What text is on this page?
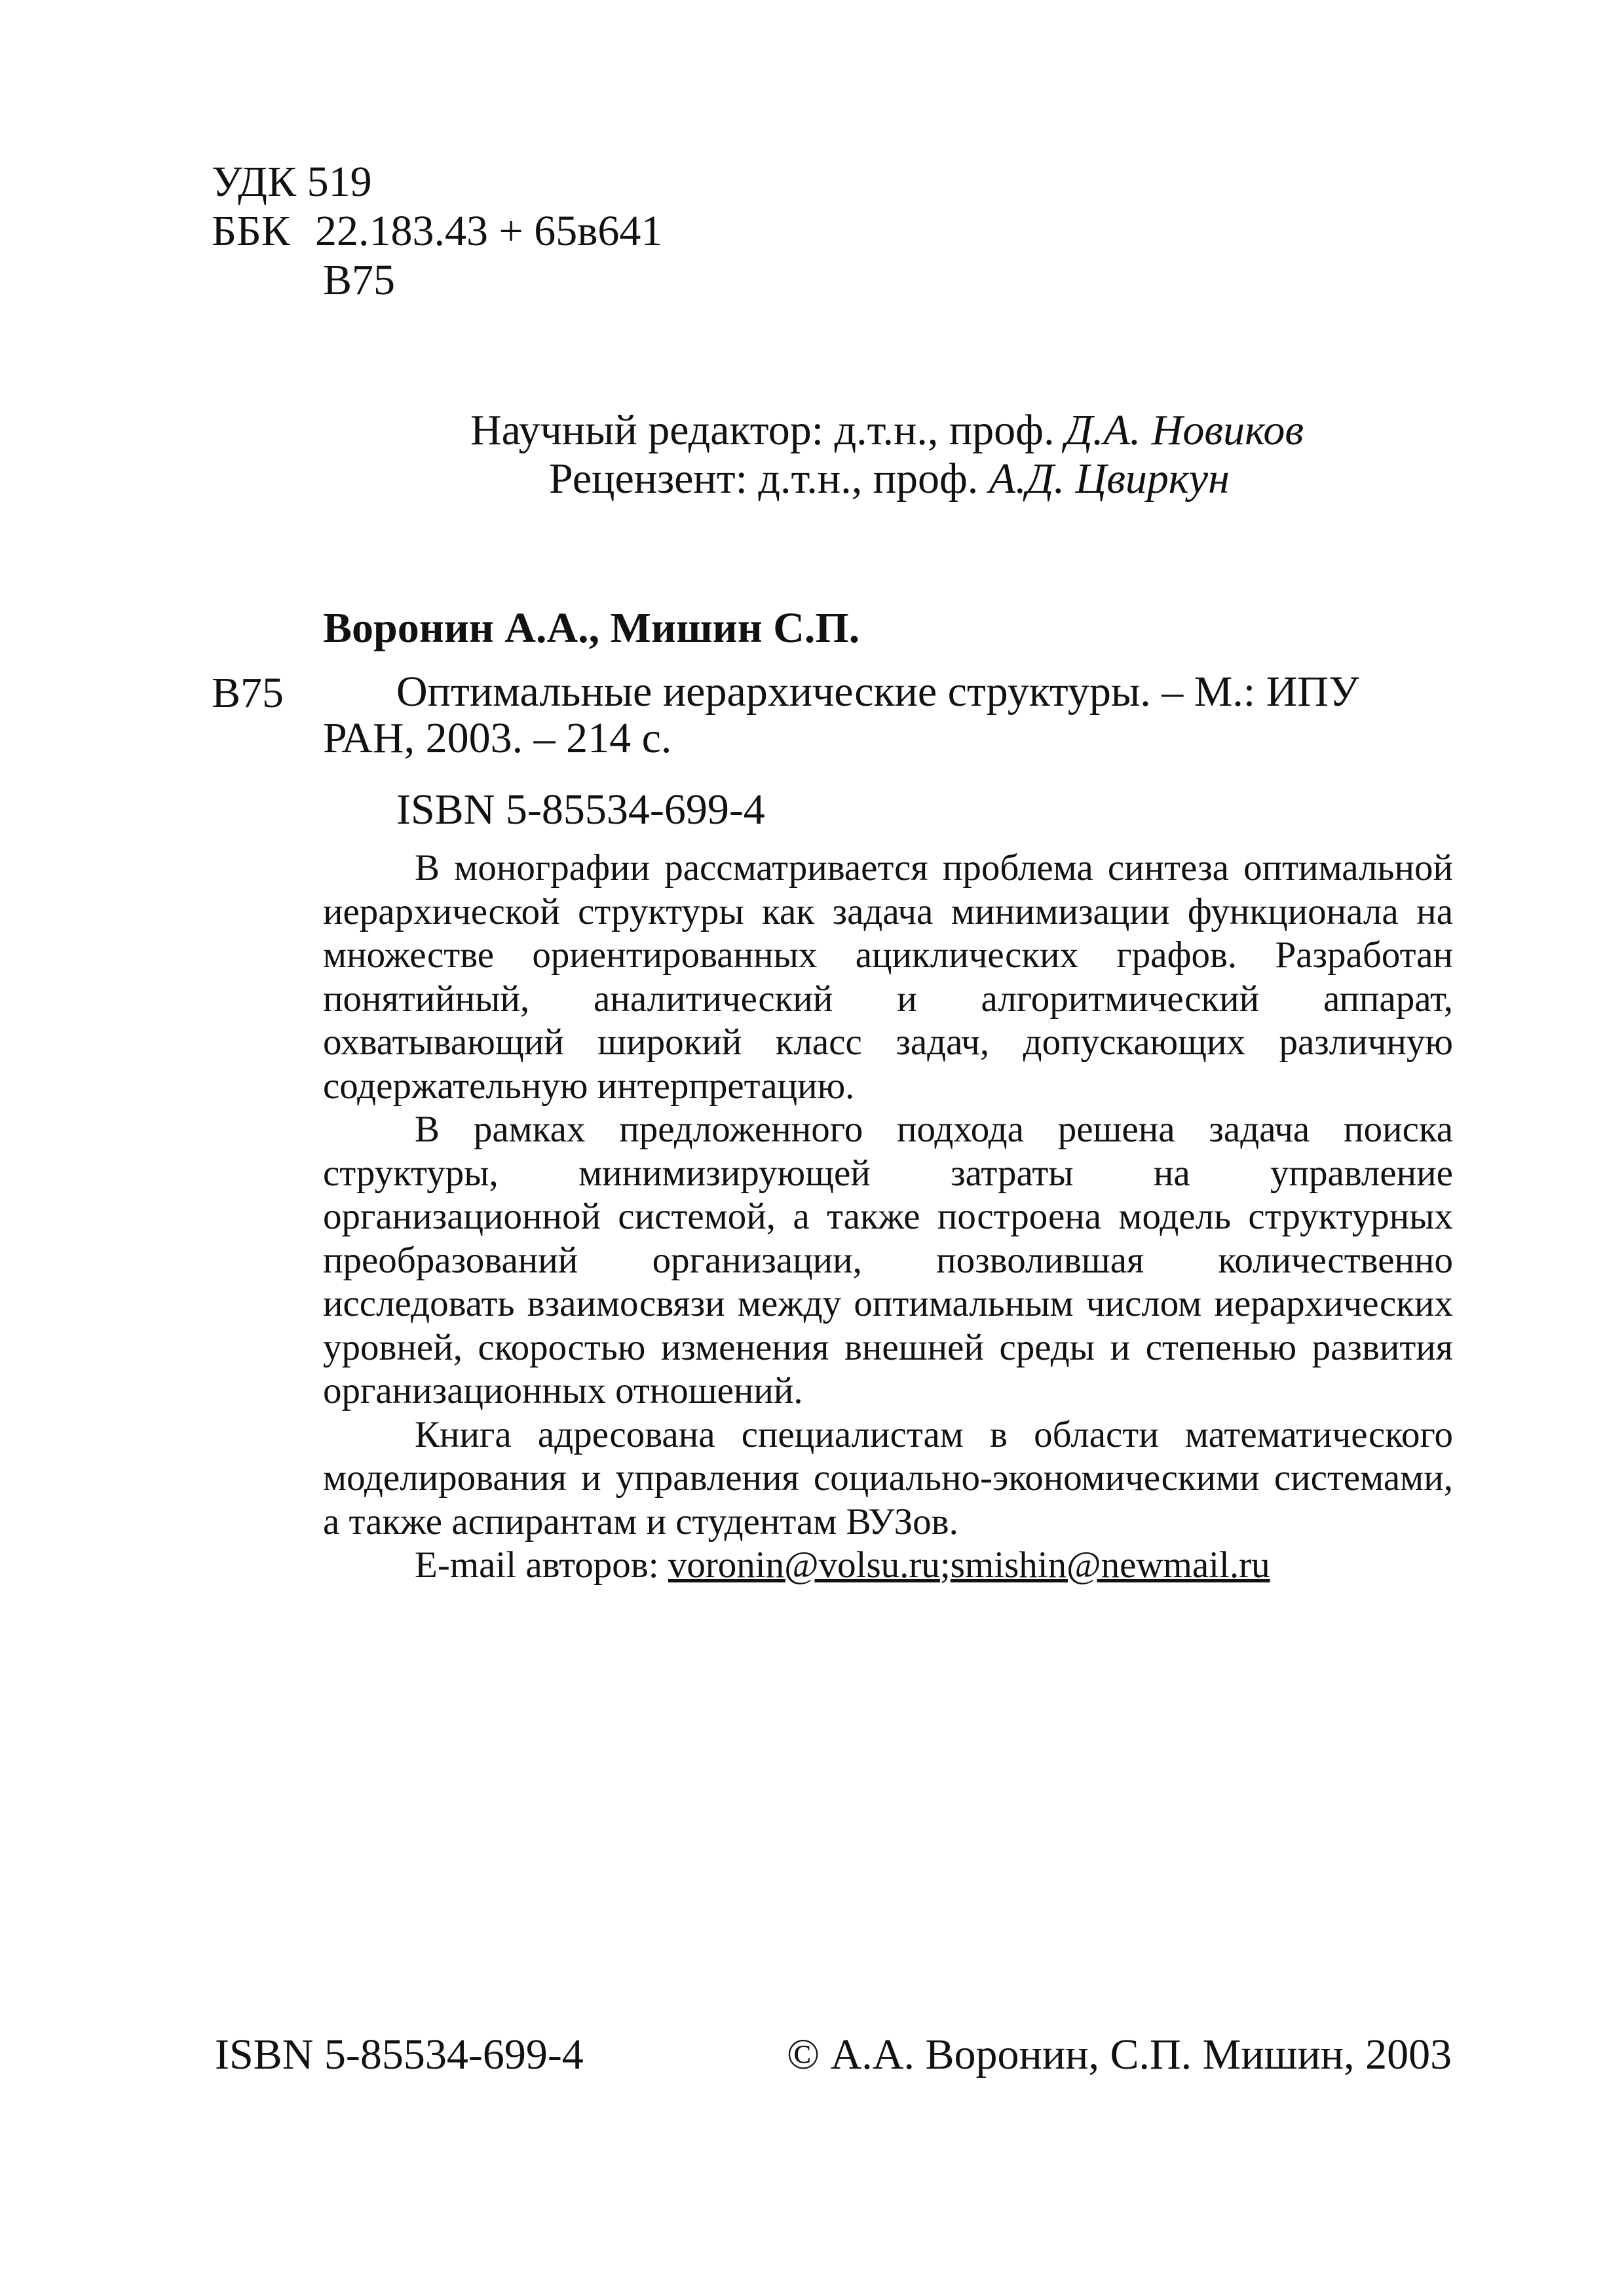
УДК 519
ББК 22.183.43 + 65в641
В75
Научный редактор: д.т.н., проф. Д.А. Новиков
Рецензент: д.т.н., проф. А.Д. Цвиркун
Воронин А.А., Мишин С.П.
В75	Оптимальные иерархические структуры. – М.: ИПУ
РАН, 2003. – 214 с.
ISBN 5-85534-699-4

В монографии рассматривается проблема синтеза оптимальной иерархической структуры как задача минимизации функционала на множестве ориентированных ациклических графов. Разработан понятийный, аналитический и алгоритмический аппарат, охватывающий широкий класс задач, допускающих различную содержательную интерпретацию.

В рамках предложенного подхода решена задача поиска структуры, минимизирующей затраты на управление организационной системой, а также построена модель структурных преобразований организации, позволившая количественно исследовать взаимосвязи между оптимальным числом иерархических уровней, скоростью изменения внешней среды и степенью развития организационных отношений.

Книга адресована специалистам в области математического моделирования и управления социально-экономическими системами, а также аспирантам и студентам ВУЗов.

E-mail авторов: voronin@volsu.ru;smishin@newmail.ru
ISBN 5-85534-699-4	© А.А. Воронин, С.П. Мишин, 2003
